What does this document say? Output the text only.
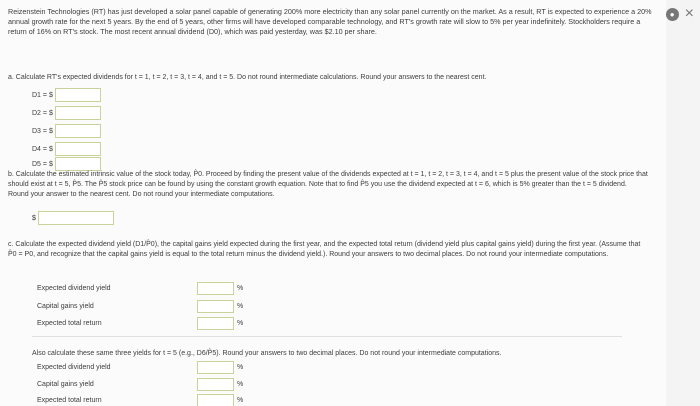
Reizenstein Technologies (RT) has just developed a solar panel capable of generating 200% more electricity than any solar panel currently on the market. As a result, RT is expected to experience a 20% annual growth rate for the next 5 years. By the end of 5 years, other firms will have developed comparable technology, and RT's growth rate will slow to 5% per year indefinitely. Stockholders require a return of 16% on RT's stock. The most recent annual dividend (D0), which was paid yesterday, was $2.10 per share.
a. Calculate RT's expected dividends for t = 1, t = 2, t = 3, t = 4, and t = 5. Do not round intermediate calculations. Round your answers to the nearest cent.
D1 = $
D2 = $
D3 = $
D4 = $
D5 = $
b. Calculate the estimated intrinsic value of the stock today, P̂0. Proceed by finding the present value of the dividends expected at t = 1, t = 2, t = 3, t = 4, and t = 5 plus the present value of the stock price that should exist at t = 5, P̂5. The P̂5 stock price can be found by using the constant growth equation. Note that to find P̂5 you use the dividend expected at t = 6, which is 5% greater than the t = 5 dividend. Round your answer to the nearest cent. Do not round your intermediate computations.
$
c. Calculate the expected dividend yield (D1/P̂0), the capital gains yield expected during the first year, and the expected total return (dividend yield plus capital gains yield) during the first year. (Assume that P̂0 = P0, and recognize that the capital gains yield is equal to the total return minus the dividend yield.). Round your answers to two decimal places. Do not round your intermediate computations.
Expected dividend yield	%
Capital gains yield	%
Expected total return	%
Also calculate these same three yields for t = 5 (e.g., D6/P̂5). Round your answers to two decimal places. Do not round your intermediate computations.
Expected dividend yield	%
Capital gains yield	%
Expected total return	%
● ×
